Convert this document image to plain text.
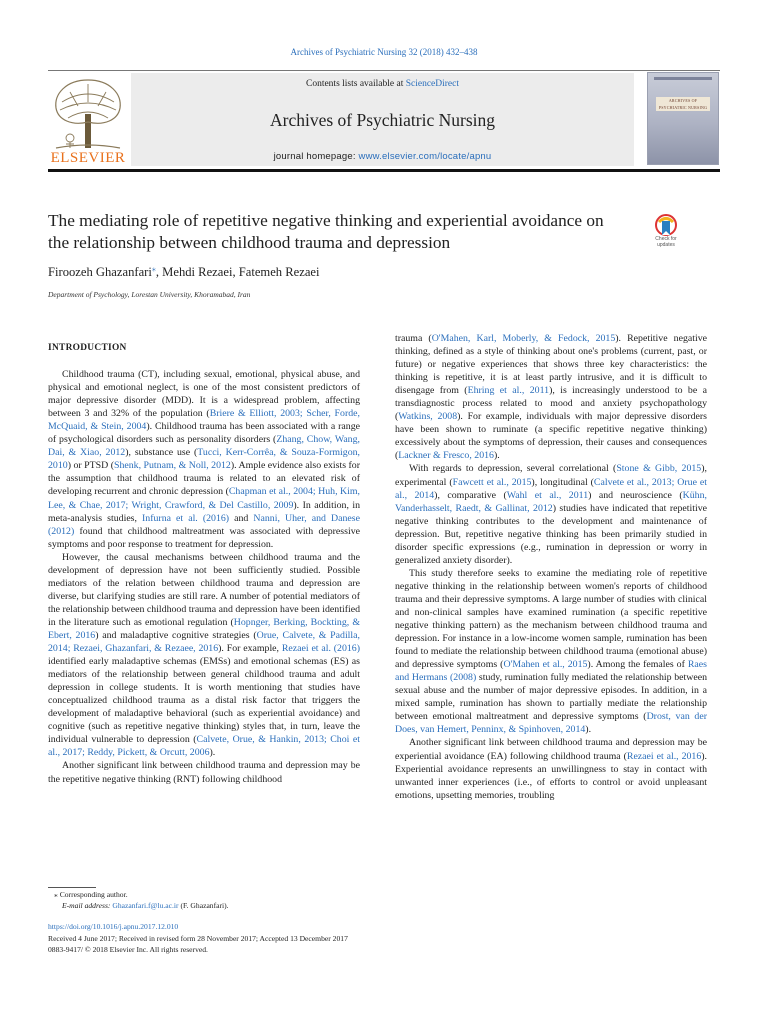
Archives of Psychiatric Nursing 32 (2018) 432–438
ELSEVIER
Contents lists available at ScienceDirect
Archives of Psychiatric Nursing
journal homepage: www.elsevier.com/locate/apnu
ARCHIVES OF PSYCHIATRIC NURSING
The mediating role of repetitive negative thinking and experiential avoidance on the relationship between childhood trauma and depression	Check for updates
Firoozeh Ghazanfari⁎, Mehdi Rezaei, Fatemeh Rezaei
Department of Psychology, Lorestan University, Khoramabad, Iran
INTRODUCTION

Childhood trauma (CT), including sexual, emotional, physical abuse, and physical and emotional neglect, is one of the most consistent predictors of major depressive disorder (MDD). It is a widespread problem, affecting between 3 and 32% of the population (Briere & Elliott, 2003; Scher, Forde, McQuaid, & Stein, 2004). Childhood trauma has been associated with a range of psychological disorders such as personality disorders (Zhang, Chow, Wang, Dai, & Xiao, 2012), substance use (Tucci, Kerr-Corrêa, & Souza-Formigon, 2010) or PTSD (Shenk, Putnam, & Noll, 2012). Ample evidence also exists for the assumption that childhood trauma is related to an elevated risk of developing recurrent and chronic depression (Chapman et al., 2004; Huh, Kim, Lee, & Chae, 2017; Wright, Crawford, & Del Castillo, 2009). In addition, in meta-analysis studies, Infurna et al. (2016) and Nanni, Uher, and Danese (2012) found that childhood maltreatment was associated with depressive symptoms and poor response to treatment for depression.

However, the causal mechanisms between childhood trauma and the development of depression have not been sufficiently studied. Possible mediators of the relation between childhood trauma and depression are diverse, but clarifying studies are still rare. A number of potential mediators of the relationship between childhood trauma and depression have been identified in the literature such as emotional regulation (Hopnger, Berking, Bockting, & Ebert, 2016) and maladaptive cognitive strategies (Orue, Calvete, & Padilla, 2014; Rezaei, Ghazanfari, & Rezaee, 2016). For example, Rezaei et al. (2016) identified early maladaptive schemas (EMSs) and emotional schemas (ES) as mediators of the relationship between general childhood trauma and adult depression in college students. It is worth mentioning that studies have conceptualized childhood trauma as a distal risk factor that triggers the development of maladaptive behavioral (such as experiential avoidance) and cognitive (such as repetitive negative thinking) styles that, in turn, leave the individual vulnerable to depression (Calvete, Orue, & Hankin, 2013; Choi et al., 2017; Reddy, Pickett, & Orcutt, 2006).

Another significant link between childhood trauma and depression may be the repetitive negative thinking (RNT) following childhood

trauma (O'Mahen, Karl, Moberly, & Fedock, 2015). Repetitive negative thinking, defined as a style of thinking about one's problems (current, past, or future) or negative experiences that shows three key characteristics: the thinking is repetitive, it is at least partly intrusive, and it is difficult to disengage from (Ehring et al., 2011), is increasingly understood to be a transdiagnostic process related to mood and anxiety psychopathology (Watkins, 2008). For example, individuals with major depressive disorders have been shown to ruminate (a specific repetitive negative thinking) excessively about the symptoms of depression, their causes and consequences (Lackner & Fresco, 2016).

With regards to depression, several correlational (Stone & Gibb, 2015), experimental (Fawcett et al., 2015), longitudinal (Calvete et al., 2013; Orue et al., 2014), comparative (Wahl et al., 2011) and neuroscience (Kühn, Vanderhasselt, Raedt, & Gallinat, 2012) studies have indicated that repetitive negative thinking contributes to the development and maintenance of depression. But, repetitive negative thinking has been primarily studied in disorder specific expressions (e.g., rumination in depression or worry in generalized anxiety disorder).

This study therefore seeks to examine the mediating role of repetitive negative thinking in the relationship between women's reports of childhood trauma and their depressive symptoms. A large number of studies with clinical and non-clinical samples have examined rumination (a specific repetitive negative thinking pattern) as the mechanism between childhood trauma and depression. For instance in a low-income women sample, rumination has been found to mediate the relationship between childhood trauma (emotional abuse) and depressive symptoms (O'Mahen et al., 2015). Among the females of Raes and Hermans (2008) study, rumination fully mediated the relationship between sexual abuse and the number of major depressive episodes. In addition, in a mixed sample, rumination has shown to partially mediate the relationship between emotional maltreatment and depressive symptoms (Drost, van der Does, van Hemert, Penninx, & Spinhoven, 2014).

Another significant link between childhood trauma and depression may be experiential avoidance (EA) following childhood trauma (Rezaei et al., 2016). Experiential avoidance represents an unwillingness to stay in contact with unwanted inner experiences (i.e., of efforts to control or avoid unpleasant emotions, upsetting memories, troubling

⁎ Corresponding author.
E-mail address: Ghazanfari.f@lu.ac.ir (F. Ghazanfari).
https://doi.org/10.1016/j.apnu.2017.12.010
Received 4 June 2017; Received in revised form 28 November 2017; Accepted 13 December 2017
0883-9417/ © 2018 Elsevier Inc. All rights reserved.
